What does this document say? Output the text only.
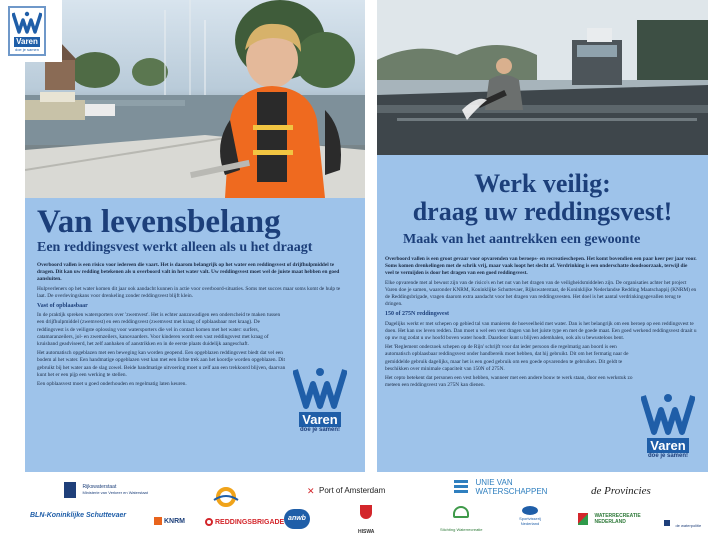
Varen
doe je samen
Van levensbelang
Een reddingsvest werkt alleen als u het draagt

Overboord vallen is een risico voor iedereen die vaart. Het is daarom belangrijk op het water een reddingsvest of drijfhulpmiddel te dragen. Dit kan uw redding betekenen als u overboord valt in het water valt. Uw reddingsvest moet wel de juiste maat hebben en goed aansluiten.

Hulpverleners op het water komen dit jaar ook aandacht kunnen in actie voor overboord-situaties. Soms met succes maar soms komt de hulp te laat. De overlevingskans voor drenkeling zonder reddingsvest blijft klein.

Vast of opblaasbaar

In de praktijk spreken watersporters over 'zwemvest'. Het is echter aanzuwadigen een onderscheid te maken tussen een drijfhulpmiddel (zwemvest) en een reddingsvest (zwemvest met kraag of opblaasbaar met kraag). De reddingsvest is de veiligste oplossing voor watersporters die vel in contact komen met het water: surfers, catamaranzeilers, jol- en zwemzeilers, kanovaarders. Voor kinderen wordt een vast reddingsvest met kraag of kruisband geadviseerd, het zelf aanhaken of aanstrikken en in de eerste plaats duidelijk aangeschaft.

Het automatisch opgeblazen met een beweging kan worden geopend. Een opgeblazen reddingsvest biedt dat vel een bodem al het water. Een handmatige opgeblazen vest kan met een lichte trek aan het koordje worden opgeblazen. Dit gebruikt bij het water aan de slag zowel. Beide handmatige uitvoering moet u zelf aan een trekkoord blijven, daarvan kunt het er een pijp een werking te stellen.

Een opblaasvest moet u goed onderhouden en regelmatig laten keuren.

Varen
doe je samen!
Werk veilig:
draag uw reddingsvest!
Maak van het aantrekken een gewoonte

Overboord vallen is een groot gevaar voor opvarenden van beroeps- en recreatieschepen. Het komt bovendien een paar keer per jaar voor. Soms komen drenkelingen met de schrik vrij, maar vaak loopt het slecht af. Verdrinking is een onderschatte doodsoorzaak, terwijl die veel te vermijden is door het dragen van een goed reddingsvest.

Elke opvarende met al bewust zijn van de risico's en het nut van het dragen van de veiligheidsmiddelen zijn. De organisaties achter het project Varen doe je samen, waaronder KNRM, Koninklijke Schuttevaer, Rijkswaterstaat, de Koninklijke Nederlandse Redding Maatschappij (KNRM) en de Reddingsbrigade, vragen daarom extra aandacht voor het dragen van reddingsvesten. Het doel is het aantal verdrinkingsgevallen terug te dringen.

150 of 275N reddingsvest

Dagelijks werkt er met schepen op gebied tal van manieren de hoeveelheid met water. Dan is het belangrijk om een beroep op een reddingsvest te doen. Het kan uw leven redden. Dan moet u wel een vest dragen van het juiste type en met de goede maat. Een goed werkend reddingsvest draait u op uw rug zodat u uw hoofd boven water houdt. Daardoor kunt u blijven ademhalen, ook als u bewusteloos bent.

Het 'Reglement onderzoek schepen op de Rijn' schrijft voor dat ieder persoon die regelmatig aan boord is een automatisch opblaasbaar reddingsvest onder handbereik moet hebben, dat hij gebruikt. Dit om het fermatig naar de gemiddelde gebruik dagelijks, maar het is een goed gebruik om een goede opvarenden te gebruiken. Dit geldt te beschikken over minimale capaciteit van 150N of 275N.

Het cepto betekent dat personen een vest hebben, wanneer met een andere bouw te werk staan, door een werkstuk zo meteen een reddingsvest van 275N kan dienen.

Varen
doe je samen!

Rijkswaterstaat
Ministerie van Verkeer en Waterstaat
BLN-Koninklijke Schuttevaer
KNRM	REDDINGSBRIGADE
anwb
✕ Port of Amsterdam
HISWA

UNIE VAN
WATERSCHAPPEN
Stichting Waterrecreatie
Sportvisserij Nederland
de Provincies
WATERRECREATIE NEDERLAND
de waterpolitie
